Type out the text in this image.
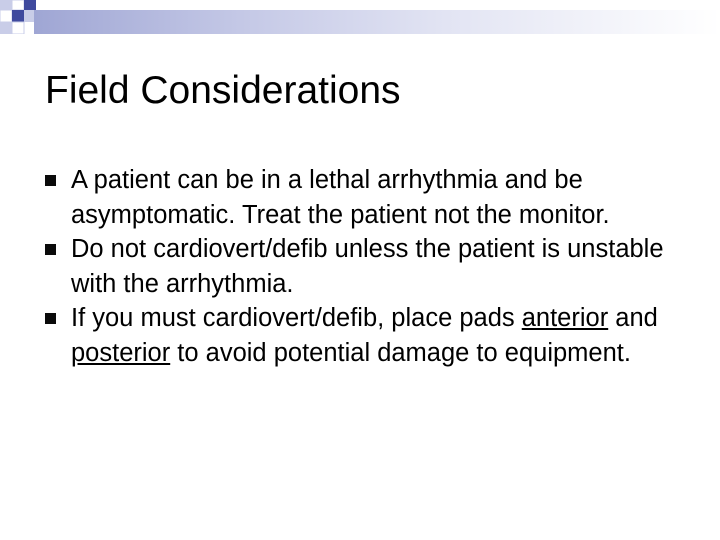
Field Considerations
A patient can be in a lethal arrhythmia and be asymptomatic. Treat the patient not the monitor.
Do not cardiovert/defib unless the patient is unstable with the arrhythmia.
If you must cardiovert/defib, place pads anterior and posterior to avoid potential damage to equipment.
